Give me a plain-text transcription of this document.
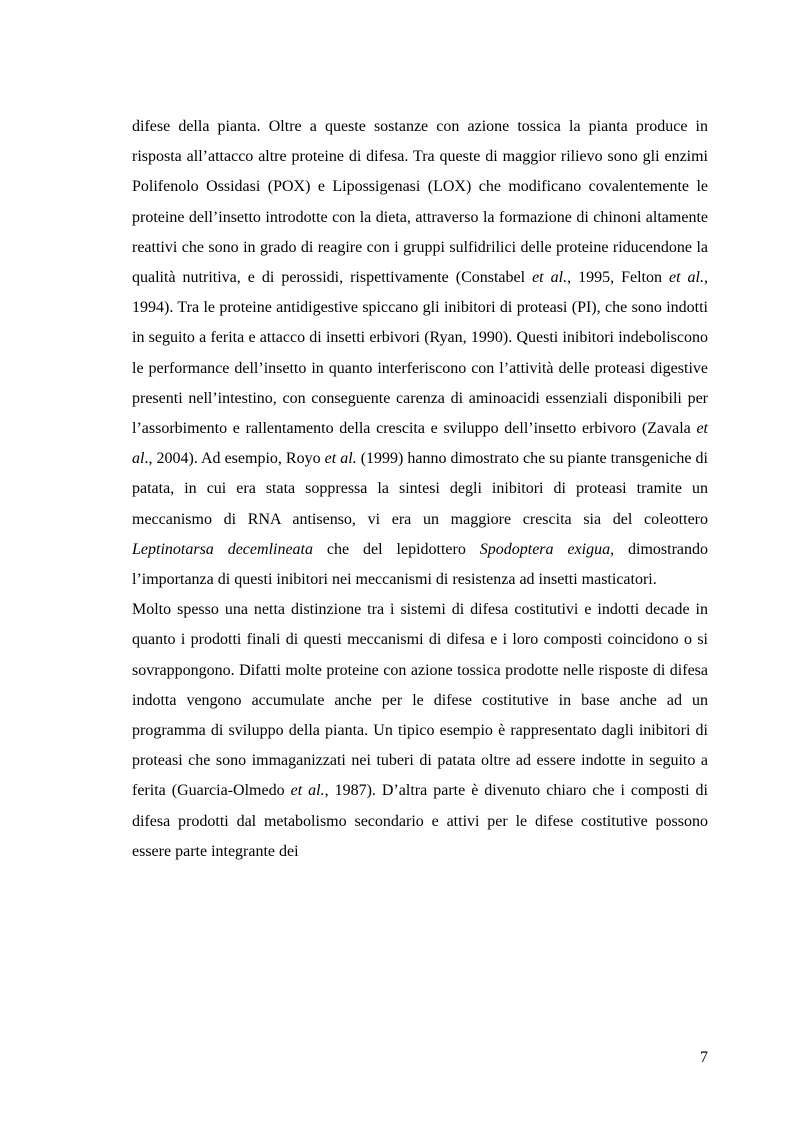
difese della pianta. Oltre a queste sostanze con azione tossica la pianta produce in risposta all’attacco altre proteine di difesa. Tra queste di maggior rilievo sono gli enzimi Polifenolo Ossidasi (POX) e Lipossigenasi (LOX) che modificano covalentemente le proteine dell’insetto introdotte con la dieta, attraverso la formazione di chinoni altamente reattivi che sono in grado di reagire con i gruppi sulfidrilici delle proteine riducendone la qualità nutritiva, e di perossidi, rispettivamente (Constabel et al., 1995, Felton et al., 1994). Tra le proteine antidigestive spiccano gli inibitori di proteasi (PI), che sono indotti in seguito a ferita e attacco di insetti erbivori (Ryan, 1990). Questi inibitori indeboliscono le performance dell’insetto in quanto interferiscono con l’attività delle proteasi digestive presenti nell’intestino, con conseguente carenza di aminoacidi essenziali disponibili per l’assorbimento e rallentamento della crescita e sviluppo dell’insetto erbivoro (Zavala et al., 2004). Ad esempio, Royo et al. (1999) hanno dimostrato che su piante transgeniche di patata, in cui era stata soppressa la sintesi degli inibitori di proteasi tramite un meccanismo di RNA antisenso, vi era un maggiore crescita sia del coleottero Leptinotarsa decemlineata che del lepidottero Spodoptera exigua, dimostrando l’importanza di questi inibitori nei meccanismi di resistenza ad insetti masticatori.

Molto spesso una netta distinzione tra i sistemi di difesa costitutivi e indotti decade in quanto i prodotti finali di questi meccanismi di difesa e i loro composti coincidono o si sovrappongono. Difatti molte proteine con azione tossica prodotte nelle risposte di difesa indotta vengono accumulate anche per le difese costitutive in base anche ad un programma di sviluppo della pianta. Un tipico esempio è rappresentato dagli inibitori di proteasi che sono immaganizzati nei tuberi di patata oltre ad essere indotte in seguito a ferita (Guarcia-Olmedo et al., 1987). D’altra parte è divenuto chiaro che i composti di difesa prodotti dal metabolismo secondario e attivi per le difese costitutive possono essere parte integrante dei

7
